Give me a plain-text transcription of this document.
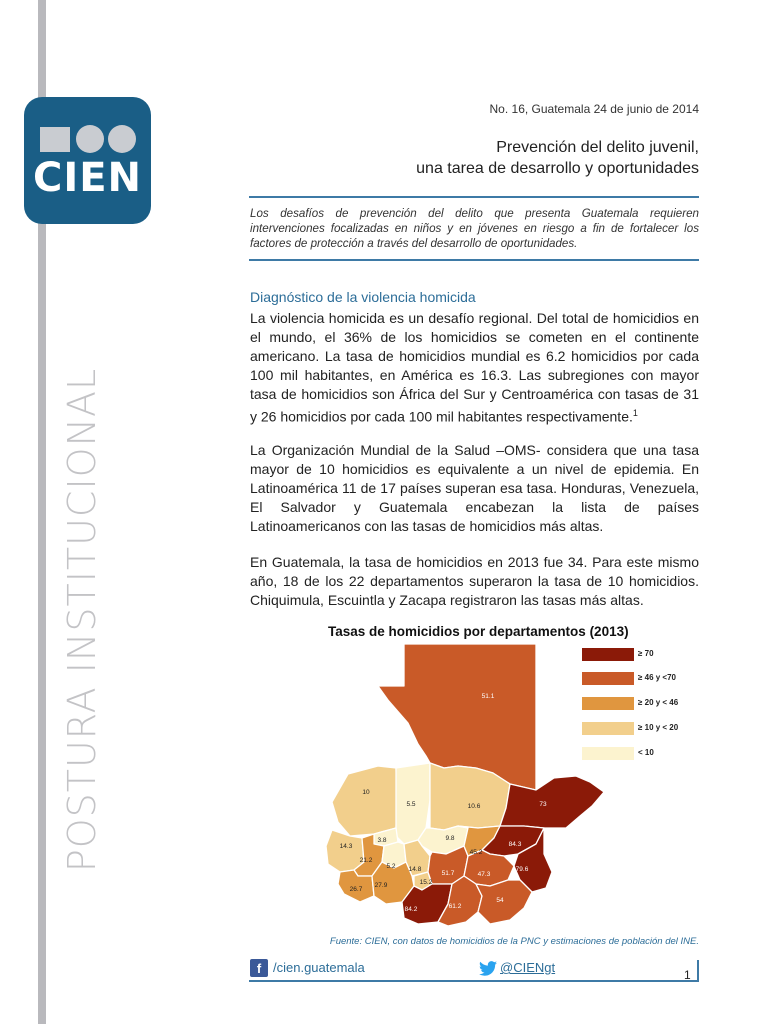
POSTURA INSTITUCIONAL
CIEN
No. 16, Guatemala 24 de junio de 2014
Prevención del delito juvenil,
una tarea de desarrollo y oportunidades
Los desafíos de prevención del delito que presenta Guatemala requieren intervenciones focalizadas en niños y en jóvenes en riesgo a fin de fortalecer los factores de protección a través del desarrollo de oportunidades.
Diagnóstico de la violencia homicida
La violencia homicida es un desafío regional. Del total de homicidios en el mundo, el 36% de los homicidios se cometen en el continente americano. La tasa de homicidios mundial es 6.2 homicidios por cada 100 mil habitantes, en América es 16.3. Las subregiones con mayor tasa de homicidios son África del Sur y Centroamérica con tasas de 31 y 26 homicidios por cada 100 mil habitantes respectivamente.$^1$
La Organización Mundial de la Salud –OMS- considera que una tasa mayor de 10 homicidios es equivalente a un nivel de epidemia. En Latinoamérica 11 de 17 países superan esa tasa. Honduras, Venezuela, El Salvador y Guatemala encabezan la lista de países Latinoamericanos con las tasas de homicidios más altas.
En Guatemala, la tasa de homicidios en 2013 fue 34. Para este mismo año, 18 de los 22 departamentos superaron la tasa de 10 homicidios. Chiquimula, Escuintla y Zacapa registraron las tasas más altas.
Tasas de homicidios por departamentos (2013)
51.1
10
5.5	10.6	73
9.8
14.3
3.8
21.2
5.2 14.8
15.2
51.7
45.2
84.3
79.6
47.3
26.7
27.9
84.2	61.2
54
≥ 70
≥ 46 y <70
≥ 20 y < 46
≥ 10 y < 20
< 10
Fuente: CIEN, con datos de homicidios de la PNC y estimaciones de población del INE.
f /cien.guatemala	@CIENgt	1
